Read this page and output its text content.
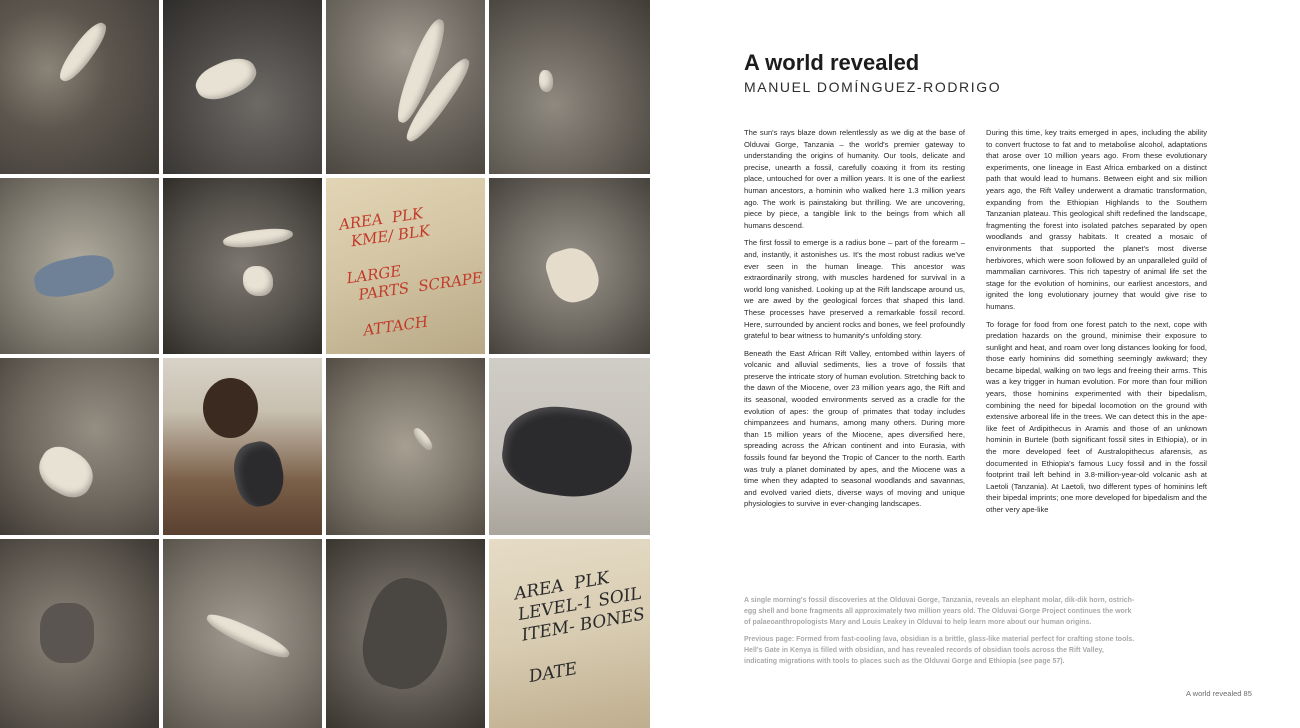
AREA  PLK
KME/ BLK

LARGE
PARTS  SCRAPE

ATTACH
AREA  PLK
LEVEL-1 SOIL
ITEM- BONES

DATE
A world revealed

MANUEL DOMÍNGUEZ-RODRIGO

The sun's rays blaze down relentlessly as we dig at the base of Olduvai Gorge, Tanzania – the world's premier gateway to understanding the origins of humanity. Our tools, delicate and precise, unearth a fossil, carefully coaxing it from its resting place, untouched for over a million years. It is one of the earliest human ancestors, a hominin who walked here 1.3 million years ago. The work is painstaking but thrilling. We are uncovering, piece by piece, a tangible link to the beings from which all humans descend.

The first fossil to emerge is a radius bone – part of the forearm – and, instantly, it astonishes us. It's the most robust radius we've ever seen in the human lineage. This ancestor was extraordinarily strong, with muscles hardened for survival in a world long vanished. Looking up at the Rift landscape around us, we are awed by the geological forces that shaped this land. These processes have preserved a remarkable fossil record. Here, surrounded by ancient rocks and bones, we feel profoundly grateful to bear witness to humanity's unfolding story.

Beneath the East African Rift Valley, entombed within layers of volcanic and alluvial sediments, lies a trove of fossils that preserve the intricate story of human evolution. Stretching back to the dawn of the Miocene, over 23 million years ago, the Rift and its seasonal, wooded environments served as a cradle for the evolution of apes: the group of primates that today includes chimpanzees and humans, among many others. During more than 15 million years of the Miocene, apes diversified here, spreading across the African continent and into Eurasia, with fossils found far beyond the Tropic of Cancer to the north. Earth was truly a planet dominated by apes, and the Miocene was a time when they adapted to seasonal woodlands and savannas, and evolved varied diets, diverse ways of moving and unique physiologies to survive in ever-changing landscapes.

During this time, key traits emerged in apes, including the ability to convert fructose to fat and to metabolise alcohol, adaptations that arose over 10 million years ago. From these evolutionary experiments, one lineage in East Africa embarked on a distinct path that would lead to humans. Between eight and six million years ago, the Rift Valley underwent a dramatic transformation, expanding from the Ethiopian Highlands to the Southern Tanzanian plateau. This geological shift redefined the landscape, fragmenting the forest into isolated patches separated by open woodlands and grassy habitats. It created a mosaic of environments that supported the planet's most diverse herbivores, which were soon followed by an unparalleled guild of mammalian carnivores. This rich tapestry of animal life set the stage for the evolution of hominins, our earliest ancestors, and ignited the long evolutionary journey that would give rise to humans.

To forage for food from one forest patch to the next, cope with predation hazards on the ground, minimise their exposure to sunlight and heat, and roam over long distances looking for food, those early hominins did something seemingly awkward; they became bipedal, walking on two legs and freeing their arms. This was a key trigger in human evolution. For more than four million years, those hominins experimented with their bipedalism, combining the need for bipedal locomotion on the ground with extensive arboreal life in the trees. We can detect this in the ape-like feet of Ardipithecus in Aramis and those of an unknown hominin in Burtele (both significant fossil sites in Ethiopia), or in the more developed feet of Australopithecus afarensis, as documented in Ethiopia's famous Lucy fossil and in the fossil footprint trail left behind in 3.8-million-year-old volcanic ash at Laetoli (Tanzania). At Laetoli, two different types of hominins left their bipedal imprints; one more developed for bipedalism and the other very ape-like

A single morning's fossil discoveries at the Olduvai Gorge, Tanzania, reveals an elephant molar, dik-dik horn, ostrich-egg shell and bone fragments all approximately two million years old. The Olduvai Gorge Project continues the work of palaeoanthropologists Mary and Louis Leakey in Olduvai to help learn more about our human origins.

Previous page: Formed from fast-cooling lava, obsidian is a brittle, glass-like material perfect for crafting stone tools. Hell's Gate in Kenya is filled with obsidian, and has revealed records of obsidian tools across the Rift Valley, indicating migrations with tools to places such as the Olduvai Gorge and Ethiopia (see page 57).

A world revealed 85
